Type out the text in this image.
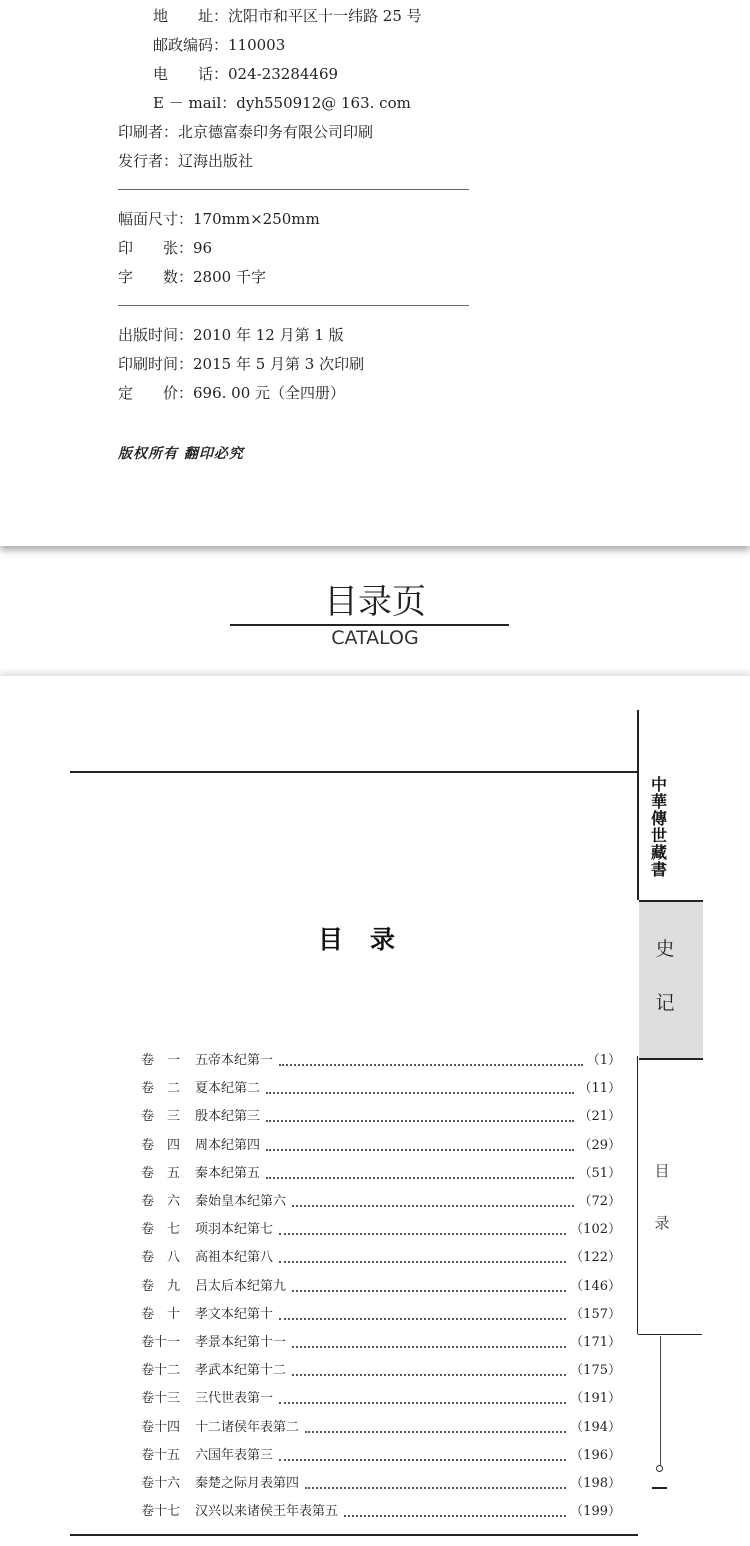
地　　址：沈阳市和平区十一纬路 25 号
邮政编码：110003
电　　话：024-23284469
E － mail：dyh550912@ 163. com
印刷者：北京德富泰印务有限公司印刷
发行者：辽海出版社
幅面尺寸：170mm×250mm
印　　张：96
字　　数：2800 千字
出版时间：2010 年 12 月第 1 版
印刷时间：2015 年 5 月第 3 次印刷
定　　价：696. 00 元（全四册）
版权所有 翻印必究
目录页
CATALOG
中
華
傳
世
藏
書
史
记
目
录
目录
卷　一	五帝本纪第一	（1）
卷　二	夏本纪第二	（11）
卷　三	殷本纪第三	（21）
卷　四	周本纪第四	（29）
卷　五	秦本纪第五	（51）
卷　六	秦始皇本纪第六	（72）
卷　七	项羽本纪第七	（102）
卷　八	高祖本纪第八	（122）
卷　九	吕太后本纪第九	（146）
卷　十	孝文本纪第十	（157）
卷十一	孝景本纪第十一	（171）
卷十二	孝武本纪第十二	（175）
卷十三	三代世表第一	（191）
卷十四	十二诸侯年表第二	（194）
卷十五	六国年表第三	（196）
卷十六	秦楚之际月表第四	（198）
卷十七	汉兴以来诸侯王年表第五	（199）
